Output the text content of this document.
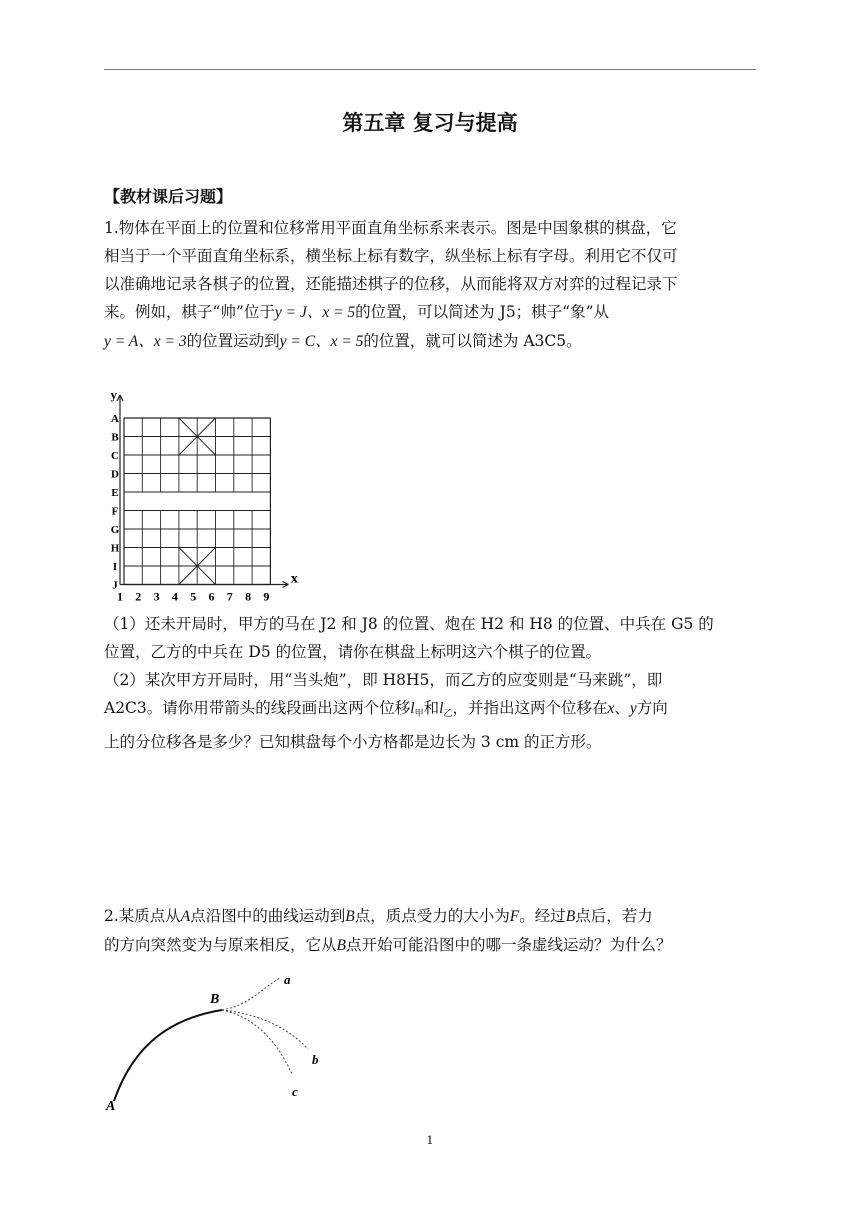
第五章 复习与提高
【教材课后习题】
1.物体在平面上的位置和位移常用平面直角坐标系来表示。图是中国象棋的棋盘，它
相当于一个平面直角坐标系，横坐标上标有数字，纵坐标上标有字母。利用它不仅可
以准确地记录各棋子的位置，还能描述棋子的位移，从而能将双方对弈的过程记录下
来。例如，棋子“帅”位于y = J、x = 5的位置，可以简述为 J5；棋子“象”从
y = A、x = 3的位置运动到y = C、x = 5的位置，就可以简述为 A3C5。
y
x
A
B
C
D
E
F
G
H
I
J
1 2 3 4 5 6 7 8 9
（1）还未开局时，甲方的马在 J2 和 J8 的位置、炮在 H2 和 H8 的位置、中兵在 G5 的
位置，乙方的中兵在 D5 的位置，请你在棋盘上标明这六个棋子的位置。
（2）某次甲方开局时，用“当头炮”，即 H8H5，而乙方的应变则是“马来跳”，即
A2C3。请你用带箭头的线段画出这两个位移$l_甲$和$l_乙$，并指出这两个位移在x、y方向
上的分位移各是多少？已知棋盘每个小方格都是边长为 3 cm 的正方形。
2.某质点从A点沿图中的曲线运动到B点，质点受力的大小为F。经过B点后，若力
的方向突然变为与原来相反，它从B点开始可能沿图中的哪一条虚线运动？为什么？
A
B
a
b
c
1
